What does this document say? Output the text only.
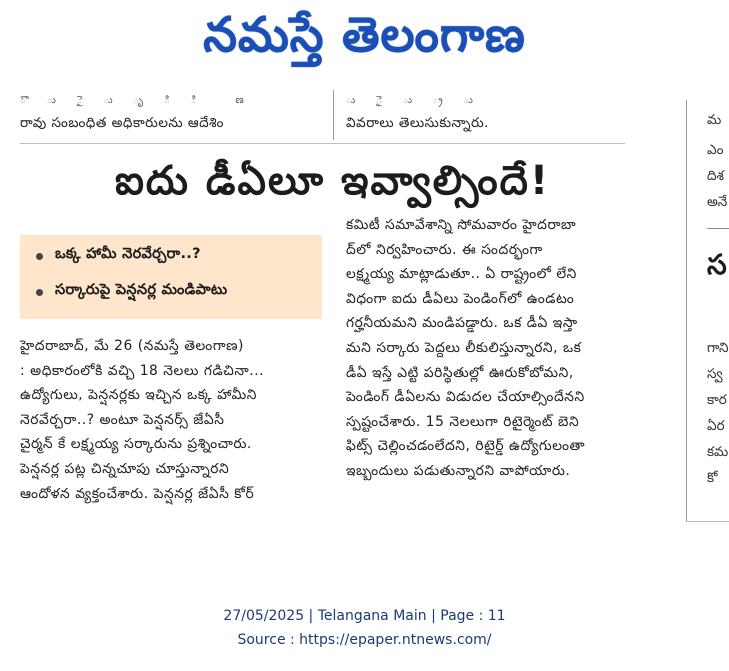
నమస్తే తెలంగాణ
ొ ు ై ు ృ ి ి ణ	ు ై ు ్ర ు
రావు సంబంధిత అధికారులను ఆదేశిం	వివరాలు తెలుసుకున్నారు.
ఐదు డీఏలూ ఇవ్వాల్సిందే!
ఒక్క హామీ నెరవేర్చరా..?
సర్కారుపై పెన్షనర్ల మండిపాటు
హైదరాబాద్, మే 26 (నమస్తే తెలంగాణ)
: అధికారంలోకి వచ్చి 18 నెలలు గడిచినా...
ఉద్యోగులు, పెన్షనర్లకు ఇచ్చిన ఒక్క హామీని
నెరవేర్చరా..? అంటూ పెన్షనర్స్ జేఏసీ
చైర్మన్ కే లక్ష్మయ్య సర్కారును ప్రశ్నించారు.
పెన్షనర్ల పట్ల చిన్నచూపు చూస్తున్నారని
ఆందోళన వ్యక్తంచేశారు. పెన్షనర్ల జేఏసీ కోర్
కమిటీ సమావేశాన్ని సోమవారం హైదరాబా
ద్‌లో నిర్వహించారు. ఈ సందర్భంగా
లక్ష్మయ్య మాట్లాడుతూ.. ఏ రాష్ట్రంలో లేని
విధంగా ఐదు డీఏలు పెండింగ్‌లో ఉండటం
గర్హనీయమని మండిపడ్డారు. ఒక డీఏ ఇస్తా
మని సర్కారు పెద్దలు లీకులిస్తున్నారని, ఒక
డీఏ ఇస్తే ఎట్టి పరిస్థితుల్లో ఊరుకోబోమని,
పెండింగ్ డీఏలను విడుదల చేయాల్సిందేనని
స్పష్టంచేశారు. 15 నెలలుగా రిటైర్మెంట్ బెని
ఫిట్స్ చెల్లించడంలేదని, రిటైర్డ్ ఉద్యోగులంతా
ఇబ్బందులు పడుతున్నారని వాపోయారు.
మ
ఎం
దిశ
అనే
స
గాని
స్వ
కార
ఏర
కమ
కో
27/05/2025 | Telangana Main | Page : 11
Source : https://epaper.ntnews.com/
